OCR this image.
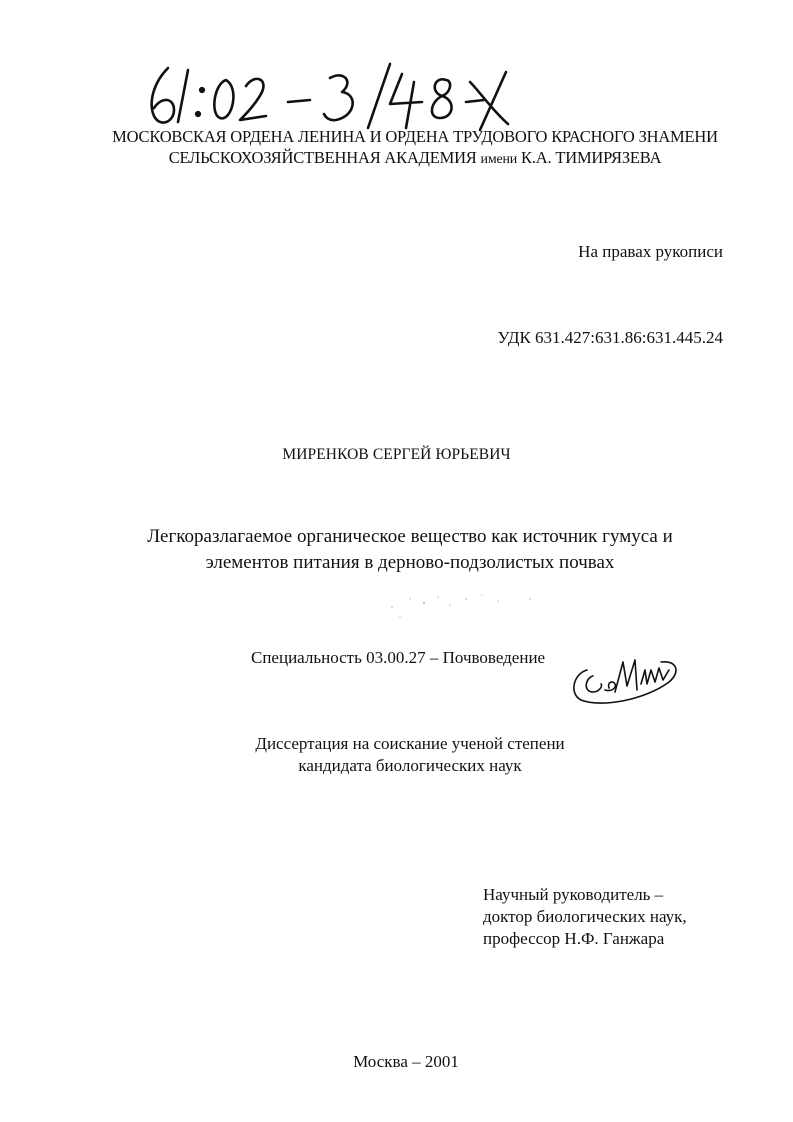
МОСКОВСКАЯ ОРДЕНА ЛЕНИНА И ОРДЕНА ТРУДОВОГО КРАСНОГО ЗНАМЕНИ
СЕЛЬСКОХОЗЯЙСТВЕННАЯ АКАДЕМИЯ имени К.А. ТИМИРЯЗЕВА
На правах рукописи
УДК 631.427:631.86:631.445.24
МИРЕНКОВ СЕРГЕЙ ЮРЬЕВИЧ
Легкоразлагаемое органическое вещество как источник гумуса и
элементов питания в дерново-подзолистых почвах
Специальность 03.00.27 – Почвоведение
Диссертация на соискание ученой степени
кандидата биологических наук
Научный руководитель –
доктор биологических наук,
профессор Н.Ф. Ганжара
Москва – 2001
